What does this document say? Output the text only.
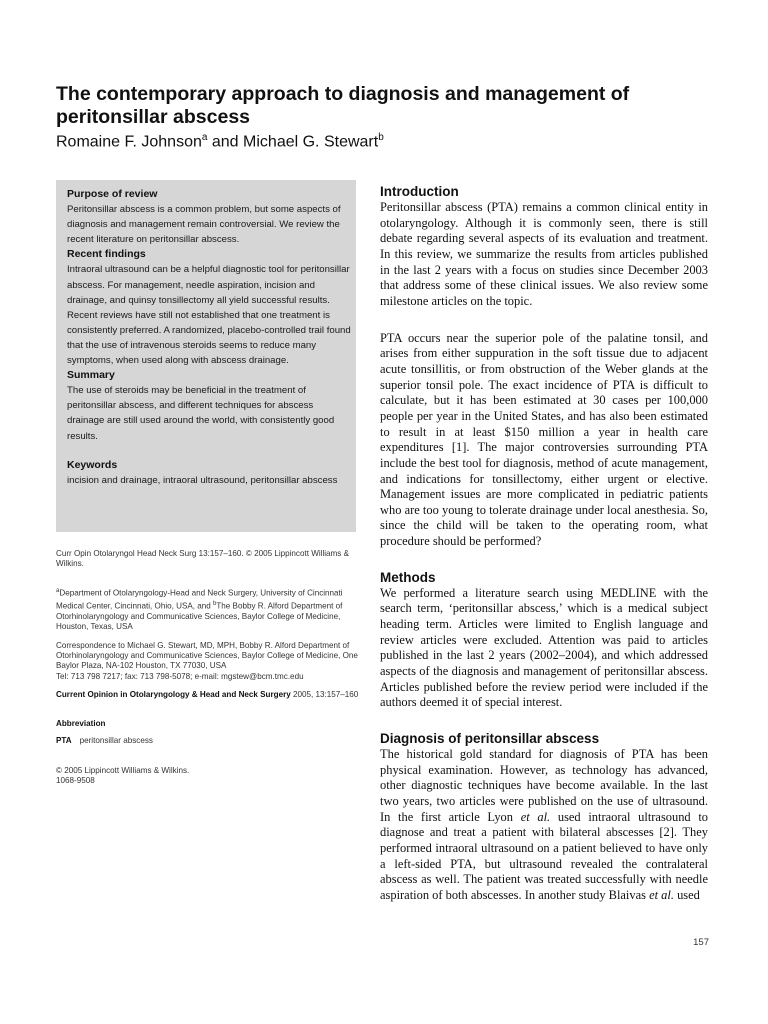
The contemporary approach to diagnosis and management of peritonsillar abscess
Romaine F. Johnson$^a$ and Michael G. Stewart$^b$
Purpose of review

Peritonsillar abscess is a common problem, but some aspects of diagnosis and management remain controversial. We review the recent literature on peritonsillar abscess.

Recent findings

Intraoral ultrasound can be a helpful diagnostic tool for peritonsillar abscess. For management, needle aspiration, incision and drainage, and quinsy tonsillectomy all yield successful results. Recent reviews have still not established that one treatment is consistently preferred. A randomized, placebo-controlled trail found that the use of intravenous steroids seems to reduce many symptoms, when used along with abscess drainage.

Summary

The use of steroids may be beneficial in the treatment of peritonsillar abscess, and different techniques for abscess drainage are still used around the world, with consistently good results.

Keywords

incision and drainage, intraoral ultrasound, peritonsillar abscess

Curr Opin Otolaryngol Head Neck Surg 13:157–160. © 2005 Lippincott Williams & Wilkins.

$^a$Department of Otolaryngology-Head and Neck Surgery, University of Cincinnati Medical Center, Cincinnati, Ohio, USA, and $^b$The Bobby R. Alford Department of Otorhinolaryngology and Communicative Sciences, Baylor College of Medicine, Houston, Texas, USA

Correspondence to Michael G. Stewart, MD, MPH, Bobby R. Alford Department of Otorhinolaryngology and Communicative Sciences, Baylor College of Medicine, One Baylor Plaza, NA-102 Houston, TX 77030, USA
Tel: 713 798 7217; fax: 713 798-5078; e-mail: mgstew@bcm.tmc.edu

Current Opinion in Otolaryngology & Head and Neck Surgery 2005, 13:157–160

Abbreviation

PTA peritonsillar abscess

© 2005 Lippincott Williams & Wilkins.
1068-9508

Introduction

Peritonsillar abscess (PTA) remains a common clinical entity in otolaryngology. Although it is commonly seen, there is still debate regarding several aspects of its evaluation and treatment. In this review, we summarize the results from articles published in the last 2 years with a focus on studies since December 2003 that address some of these clinical issues. We also review some milestone articles on the topic.

PTA occurs near the superior pole of the palatine tonsil, and arises from either suppuration in the soft tissue due to adjacent acute tonsillitis, or from obstruction of the Weber glands at the superior tonsil pole. The exact incidence of PTA is difficult to calculate, but it has been estimated at 30 cases per 100,000 people per year in the United States, and has also been estimated to result in at least $150 million a year in health care expenditures [1]. The major controversies surrounding PTA include the best tool for diagnosis, method of acute management, and indications for tonsillectomy, either urgent or elective. Management issues are more complicated in pediatric patients who are too young to tolerate drainage under local anesthesia. So, since the child will be taken to the operating room, what procedure should be performed?

Methods

We performed a literature search using MEDLINE with the search term, ‘peritonsillar abscess,’ which is a medical subject heading term. Articles were limited to English language and review articles were excluded. Attention was paid to articles published in the last 2 years (2002–2004), and which addressed aspects of the diagnosis and management of peritonsillar abscess. Articles published before the review period were included if the authors deemed it of special interest.

Diagnosis of peritonsillar abscess

The historical gold standard for diagnosis of PTA has been physical examination. However, as technology has advanced, other diagnostic techniques have become available. In the last two years, two articles were published on the use of ultrasound. In the first article Lyon et al. used intraoral ultrasound to diagnose and treat a patient with bilateral abscesses [2]. They performed intraoral ultrasound on a patient believed to have only a left-sided PTA, but ultrasound revealed the contralateral abscess as well. The patient was treated successfully with needle aspiration of both abscesses. In another study Blaivas et al. used

157
